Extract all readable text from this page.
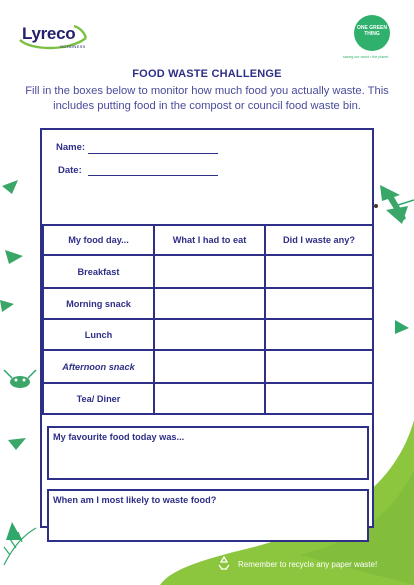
Lyreco
GOODNESS
ONE GREEN THING
saving our world • the planet
FOOD WASTE CHALLENGE
Fill in the boxes below to monitor how much food you actually waste. This includes putting food in the compost or council food waste bin.
Name:
Date:
My food day...	What I had to eat	Did I waste any?
Breakfast
Morning snack
Lunch
Afternoon snack
Tea/ Diner
My favourite food today was...
When am I most likely to waste food?
Remember to recycle any paper waste!
